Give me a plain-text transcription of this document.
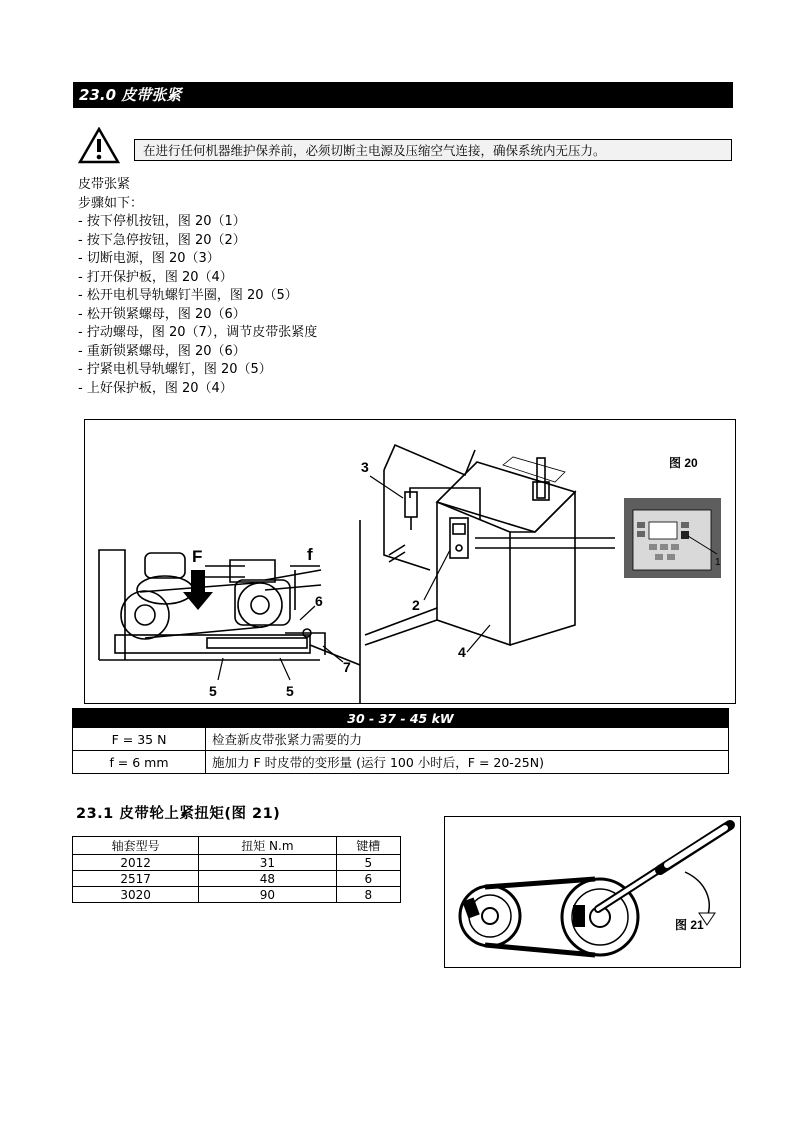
23.0 皮带张紧
在进行任何机器维护保养前，必须切断主电源及压缩空气连接，确保系统内无压力。
皮带张紧
步骤如下：
- 按下停机按钮，图 20（1）
- 按下急停按钮，图 20（2）
- 切断电源，图 20（3）
- 打开保护板，图 20（4）
- 松开电机导轨螺钉半圈，图 20（5）
- 松开锁紧螺母，图 20（6）
- 拧动螺母，图 20（7），调节皮带张紧度
- 重新锁紧螺母，图 20（6）
- 拧紧电机导轨螺钉，图 20（5）
- 上好保护板，图 20（4）
图 20
1
2
3
4
5	5
6
7
F	f
30 - 37 - 45 kW	
F = 35 N	检查新皮带张紧力需要的力
f = 6 mm	施加力 F 时皮带的变形量 (运行 100 小时后，F = 20-25N)
23.1 皮带轮上紧扭矩(图 21)
轴套型号	扭矩 N.m	键槽
2012	31	5
2517	48	6
3020	90	8
图 21
